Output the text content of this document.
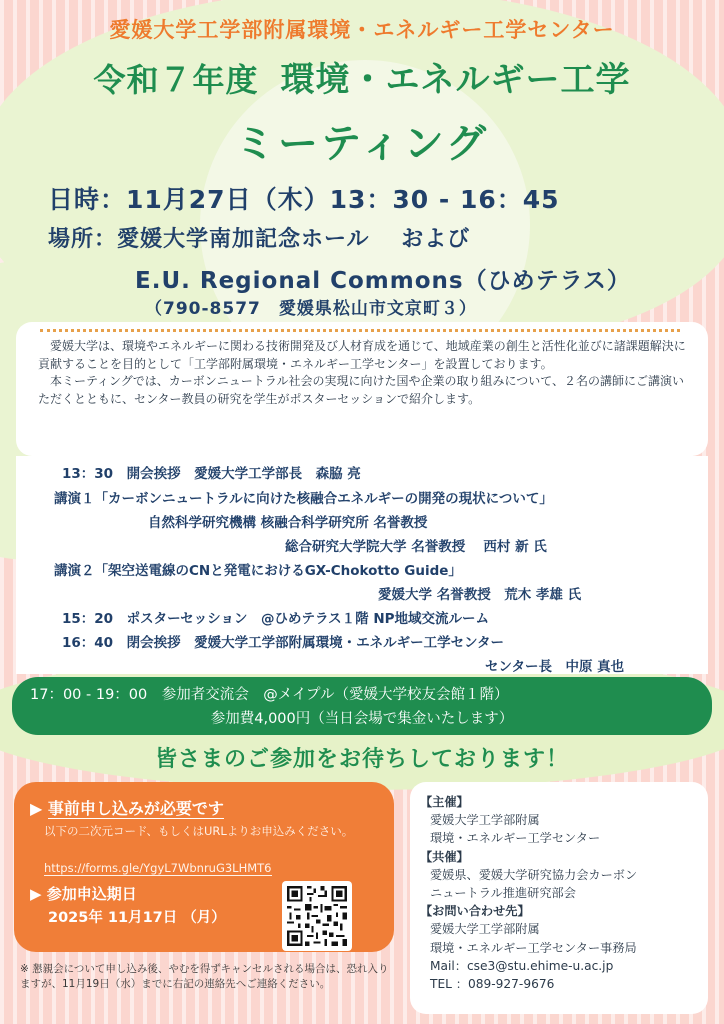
愛媛大学工学部附属環境・エネルギー工学センター
令和７年度 環境・エネルギー工学
ミーティング
日時：11月27日（木）13：30 - 16：45
場所：愛媛大学南加記念ホール　 および
E.U. Regional Commons（ひめテラス）
（790-8577　愛媛県松山市文京町３）

愛媛大学は、環境やエネルギーに関わる技術開発及び人材育成を通じて、地域産業の創生と活性化並びに諸課題解決に貢献することを目的として「工学部附属環境・エネルギー工学センター」を設置しております。

本ミーティングでは、カーボンニュートラル社会の実現に向けた国や企業の取り組みについて、２名の講師にご講演いただくとともに、センター教員の研究を学生がポスターセッションで紹介します。

13：30　開会挨拶　愛媛大学工学部長　森脇 亮
講演１「カーボンニュートラルに向けた核融合エネルギーの開発の現状について」
自然科学研究機構 核融合科学研究所 名誉教授
総合研究大学院大学 名誉教授　 西村 新 氏
講演２「架空送電線のCNと発電におけるGX-Chokotto Guide」
愛媛大学 名誉教授　荒木 孝雄 氏
15：20　ポスターセッション　@ひめテラス１階 NP地域交流ルーム
16：40　閉会挨拶　愛媛大学工学部附属環境・エネルギー工学センター
センター長　中原 真也
17：00 - 19：00　参加者交流会　@メイプル（愛媛大学校友会館１階）
参加費4,000円（当日会場で集金いたします）
皆さまのご参加をお待ちしております！
▶ 事前申し込みが必要です
以下の二次元コード、もしくはURLよりお申込みください。
https://forms.gle/YgyL7WbnruG3LHMT6
▶ 参加申込期日
2025年 11月17日 （月）
※ 懇親会について申し込み後、やむを得ずキャンセルされる場合は、恐れ入りますが、11月19日（水）までに右記の連絡先へご連絡ください。
【主催】
愛媛大学工学部附属
環境・エネルギー工学センター
【共催】
愛媛県、愛媛大学研究協力会カーボン
ニュートラル推進研究部会
【お問い合わせ先】
愛媛大学工学部附属
環境・エネルギー工学センター事務局
Mail：cse3@stu.ehime-u.ac.jp
TEL ：089-927-9676
